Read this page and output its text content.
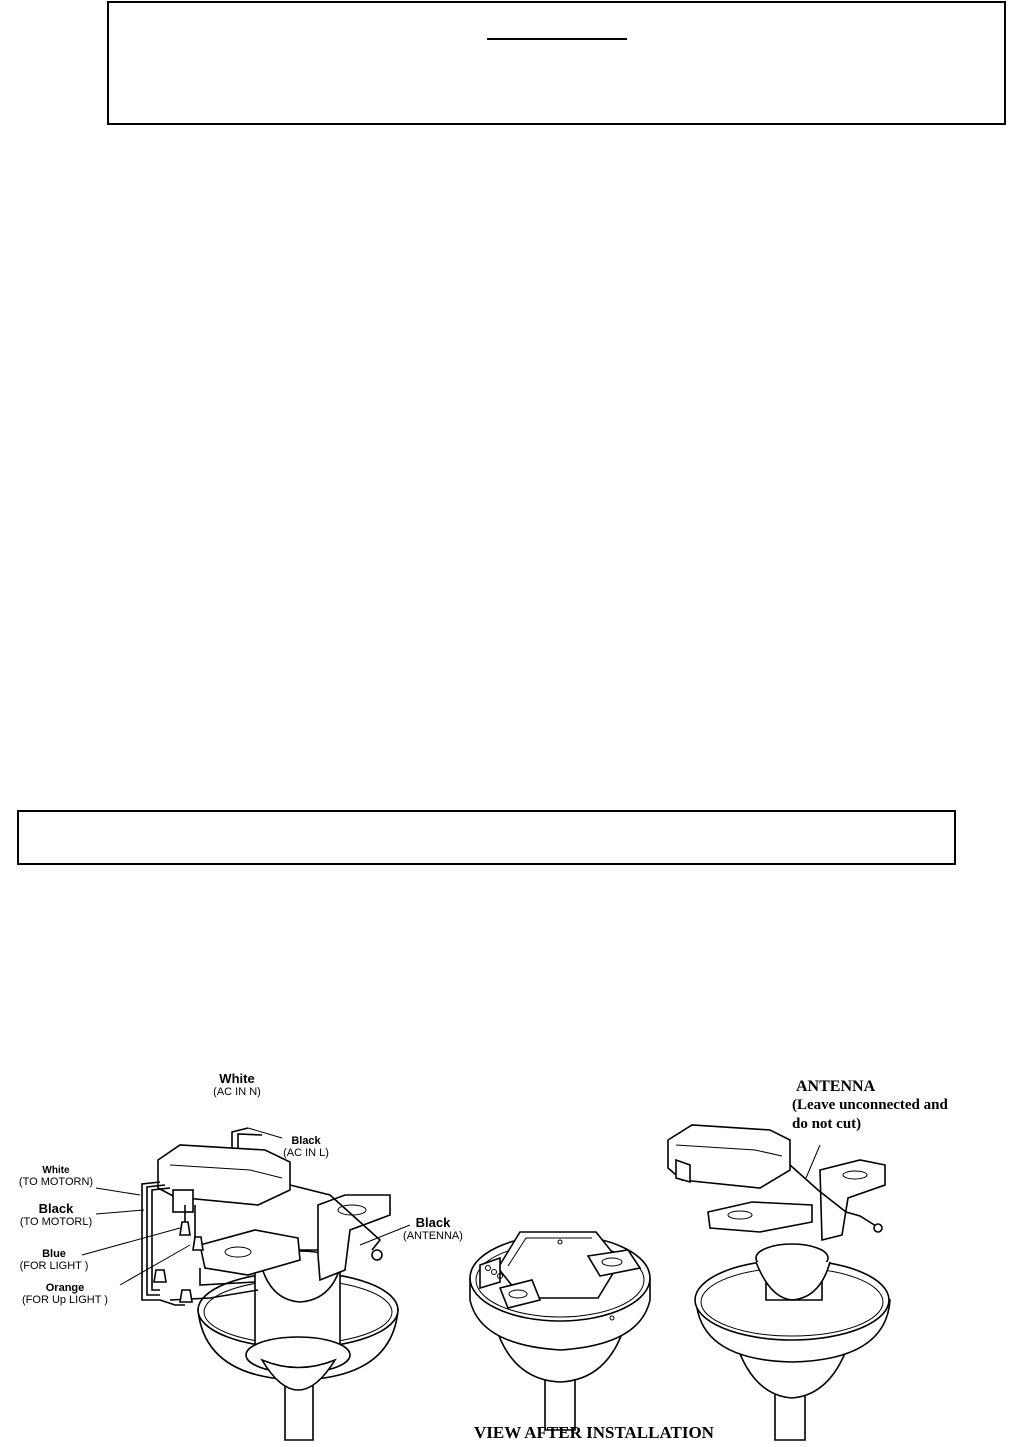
White
(AC IN N)
Black
(AC IN L)
White
(TO MOTORN)
Black
(TO MOTORL)
Blue
(FOR LIGHT )
Orange
(FOR Up LIGHT )
Black
(ANTENNA)
ANTENNA
(Leave unconnected and
do not cut)
VIEW AFTER INSTALLATION
